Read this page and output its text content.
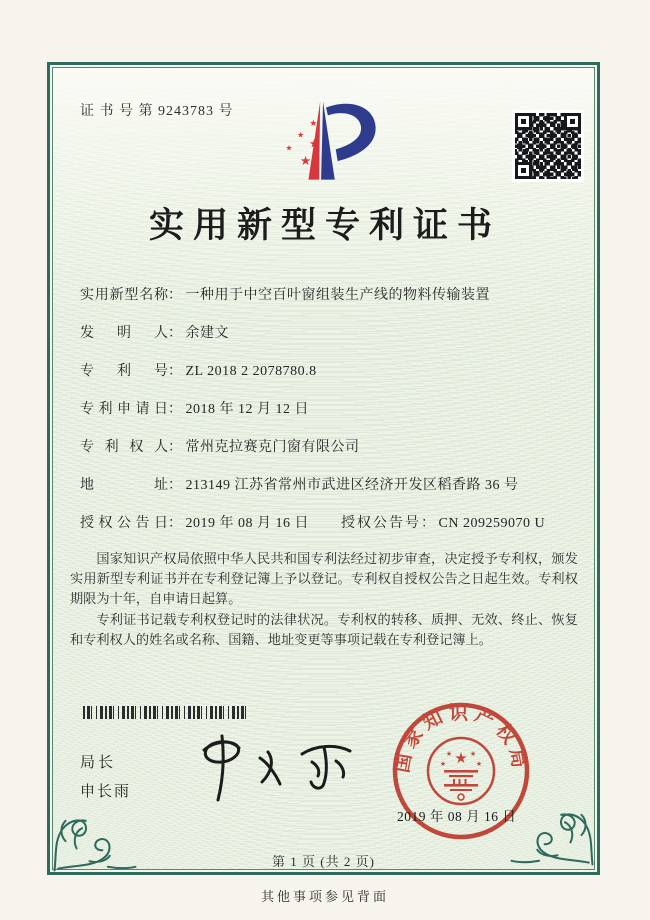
证 书 号 第 9243783 号
★
★
★
★
★
实用新型专利证书
实用新型名称： 一种用于中空百叶窗组装生产线的物料传输装置
发明人： 余建文
专利号： ZL 2018 2 2078780.8
专利申请日： 2018 年 12 月 12 日
专利权人： 常州克拉赛克门窗有限公司
地址： 213149 江苏省常州市武进区经济开发区稻香路 36 号
授权公告日： 2019 年 08 月 16 日 授权公告号： CN 209259070 U

国家知识产权局依照中华人民共和国专利法经过初步审查，决定授予专利权，颁发实用新型专利证书并在专利登记簿上予以登记。专利权自授权公告之日起生效。专利权期限为十年，自申请日起算。

专利证书记载专利权登记时的法律状况。专利权的转移、质押、无效、终止、恢复和专利权人的姓名或名称、国籍、地址变更等事项记载在专利登记簿上。

国家知识产权局
★
★	★
★	★
2019 年 08 月 16 日
局长
申长雨
第 1 页 (共 2 页)
其他事项参见背面
